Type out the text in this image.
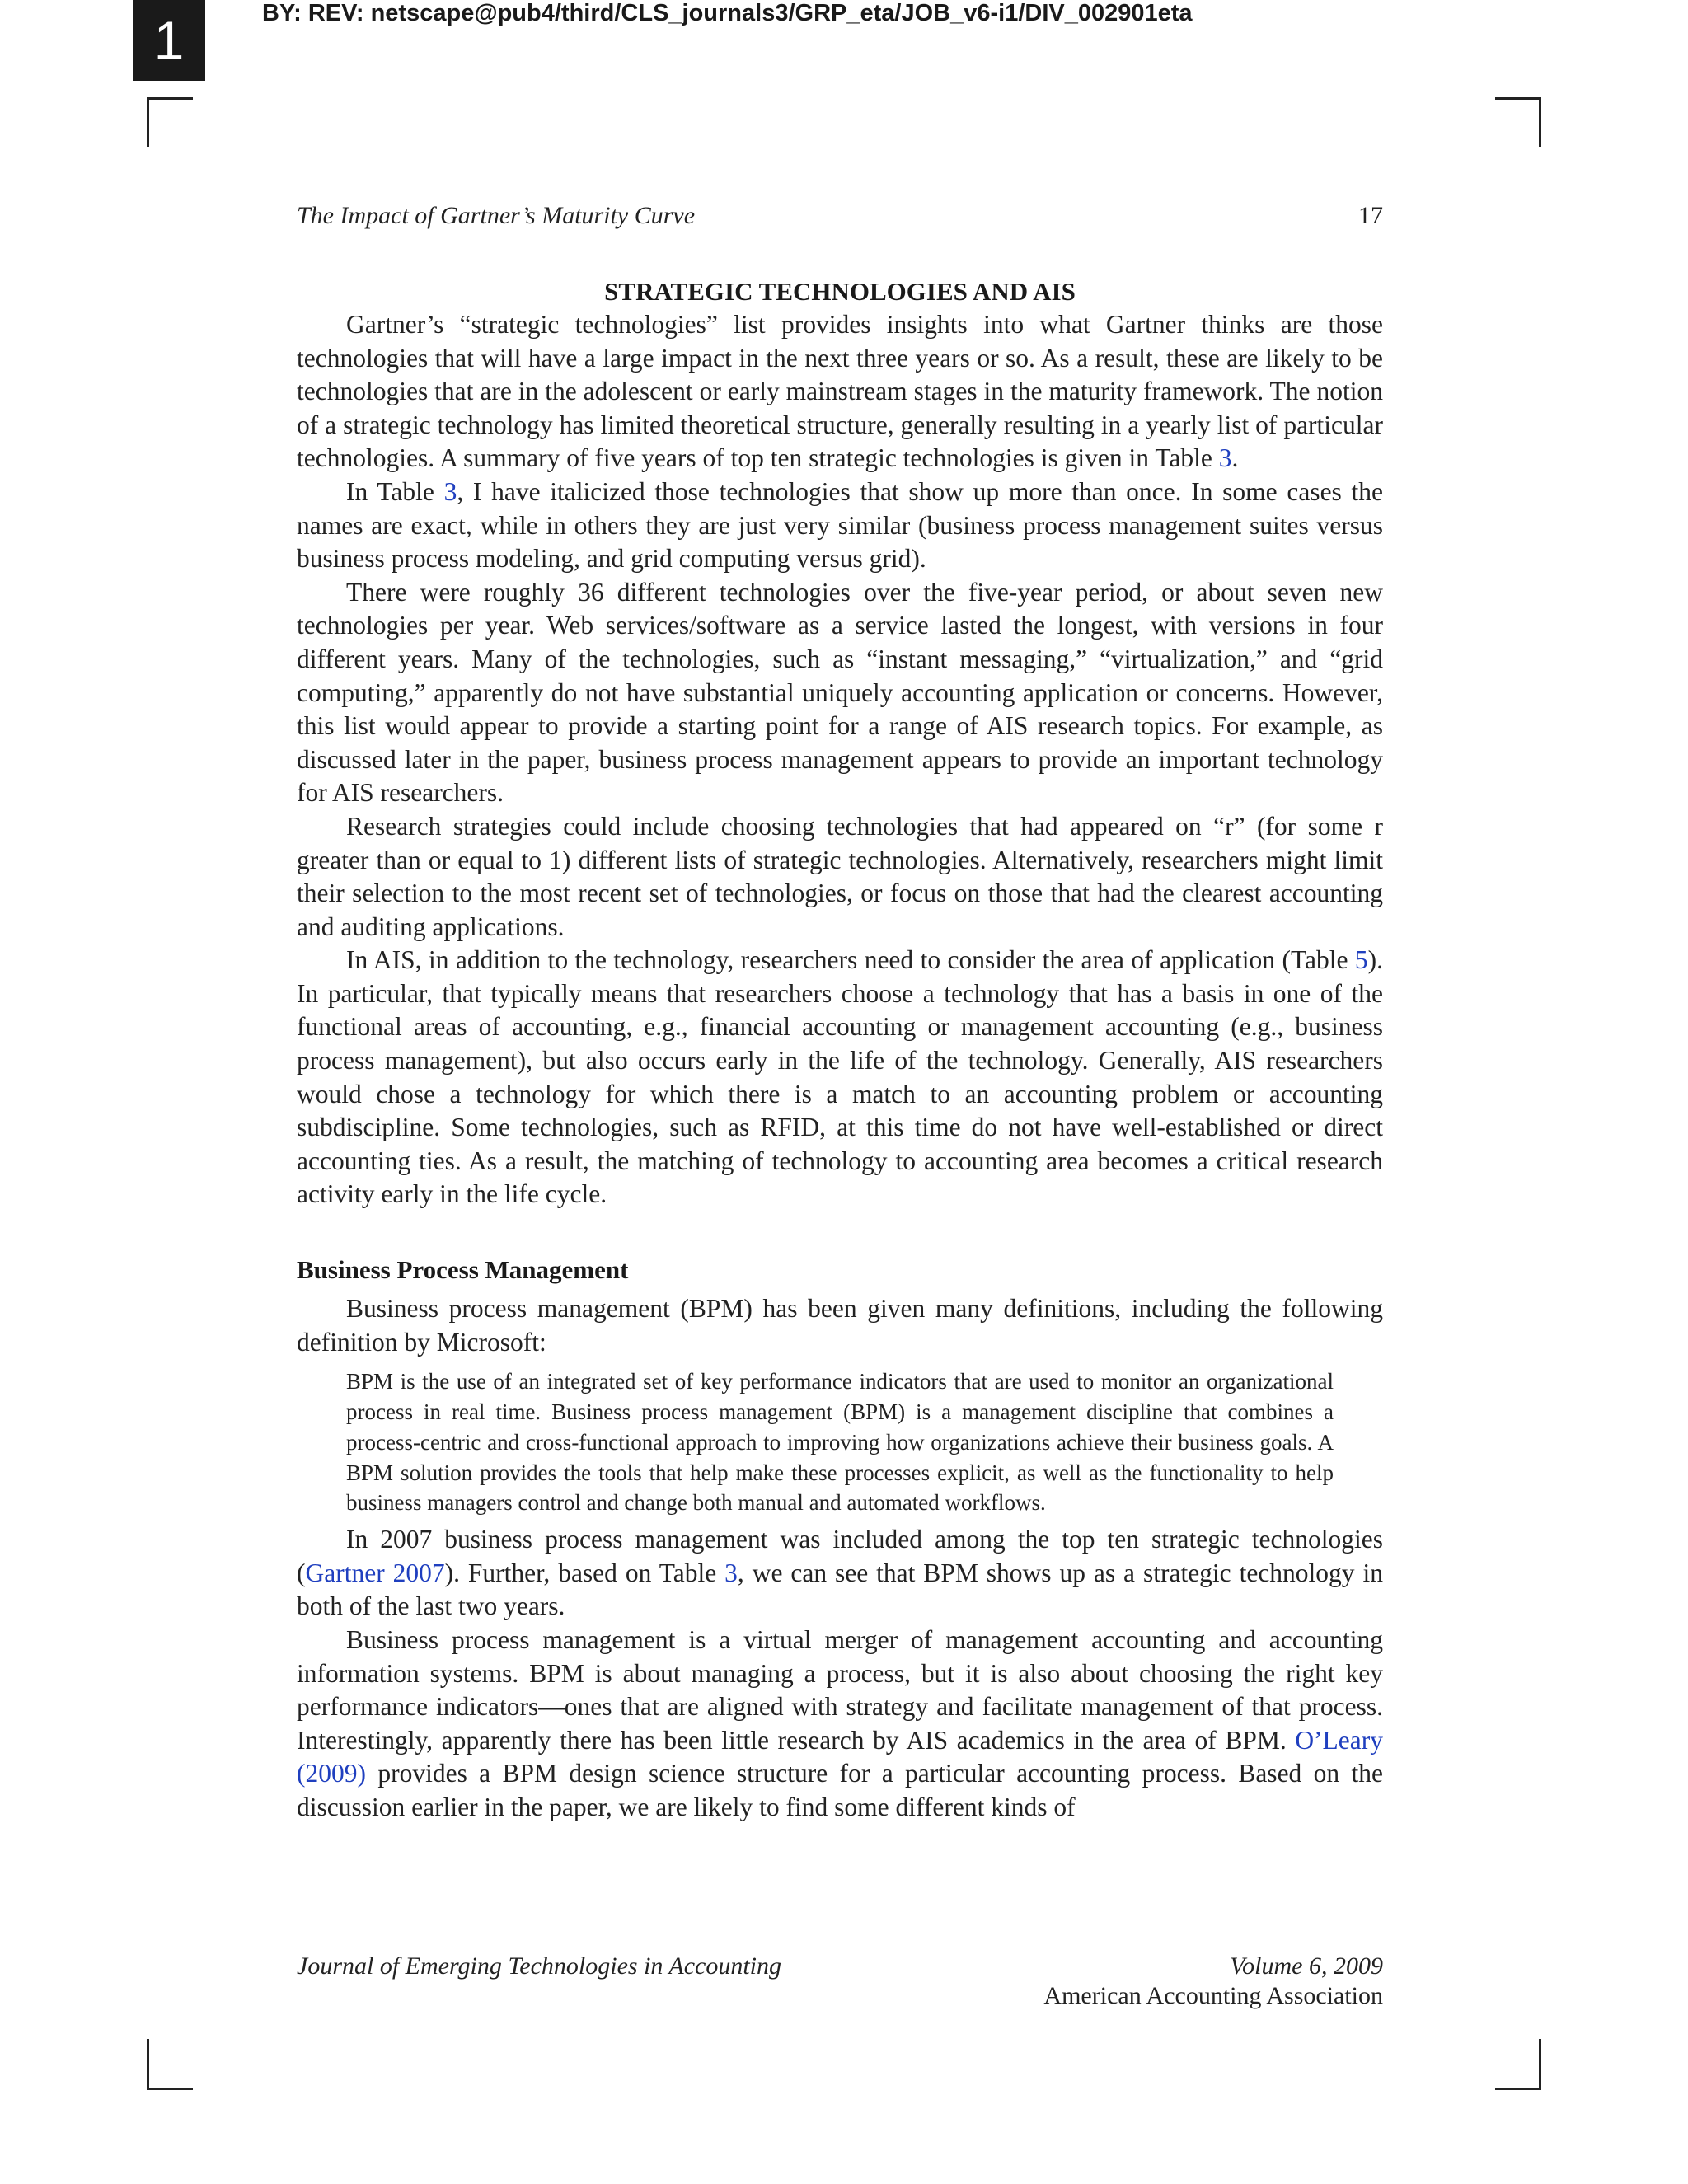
1	BY: REV: netscape@pub4/third/CLS_journals3/GRP_eta/JOB_v6-i1/DIV_002901eta
The Impact of Gartner’s Maturity Curve	17
STRATEGIC TECHNOLOGIES AND AIS

Gartner’s “strategic technologies” list provides insights into what Gartner thinks are those technologies that will have a large impact in the next three years or so. As a result, these are likely to be technologies that are in the adolescent or early mainstream stages in the maturity framework. The notion of a strategic technology has limited theoretical structure, generally resulting in a yearly list of particular technologies. A summary of five years of top ten strategic technologies is given in Table 3.

In Table 3, I have italicized those technologies that show up more than once. In some cases the names are exact, while in others they are just very similar (business process management suites versus business process modeling, and grid computing versus grid).

There were roughly 36 different technologies over the five-year period, or about seven new technologies per year. Web services/software as a service lasted the longest, with versions in four different years. Many of the technologies, such as “instant messaging,” “virtualization,” and “grid computing,” apparently do not have substantial uniquely accounting application or concerns. However, this list would appear to provide a starting point for a range of AIS research topics. For example, as discussed later in the paper, business process management appears to provide an important technology for AIS researchers.

Research strategies could include choosing technologies that had appeared on “r” (for some r greater than or equal to 1) different lists of strategic technologies. Alternatively, researchers might limit their selection to the most recent set of technologies, or focus on those that had the clearest accounting and auditing applications.

In AIS, in addition to the technology, researchers need to consider the area of application (Table 5). In particular, that typically means that researchers choose a technology that has a basis in one of the functional areas of accounting, e.g., financial accounting or management accounting (e.g., business process management), but also occurs early in the life of the technology. Generally, AIS researchers would chose a technology for which there is a match to an accounting problem or accounting subdiscipline. Some technologies, such as RFID, at this time do not have well-established or direct accounting ties. As a result, the matching of technology to accounting area becomes a critical research activity early in the life cycle.

Business Process Management

Business process management (BPM) has been given many definitions, including the following definition by Microsoft:

BPM is the use of an integrated set of key performance indicators that are used to monitor an organizational process in real time. Business process management (BPM) is a management discipline that combines a process-centric and cross-functional approach to improving how organizations achieve their business goals. A BPM solution provides the tools that help make these processes explicit, as well as the functionality to help business managers control and change both manual and automated workflows.

In 2007 business process management was included among the top ten strategic technologies (Gartner 2007). Further, based on Table 3, we can see that BPM shows up as a strategic technology in both of the last two years.

Business process management is a virtual merger of management accounting and accounting information systems. BPM is about managing a process, but it is also about choosing the right key performance indicators—ones that are aligned with strategy and facilitate management of that process. Interestingly, apparently there has been little research by AIS academics in the area of BPM. O’Leary (2009) provides a BPM design science structure for a particular accounting process. Based on the discussion earlier in the paper, we are likely to find some different kinds of

Journal of Emerging Technologies in Accounting	Volume 6, 2009
American Accounting Association
